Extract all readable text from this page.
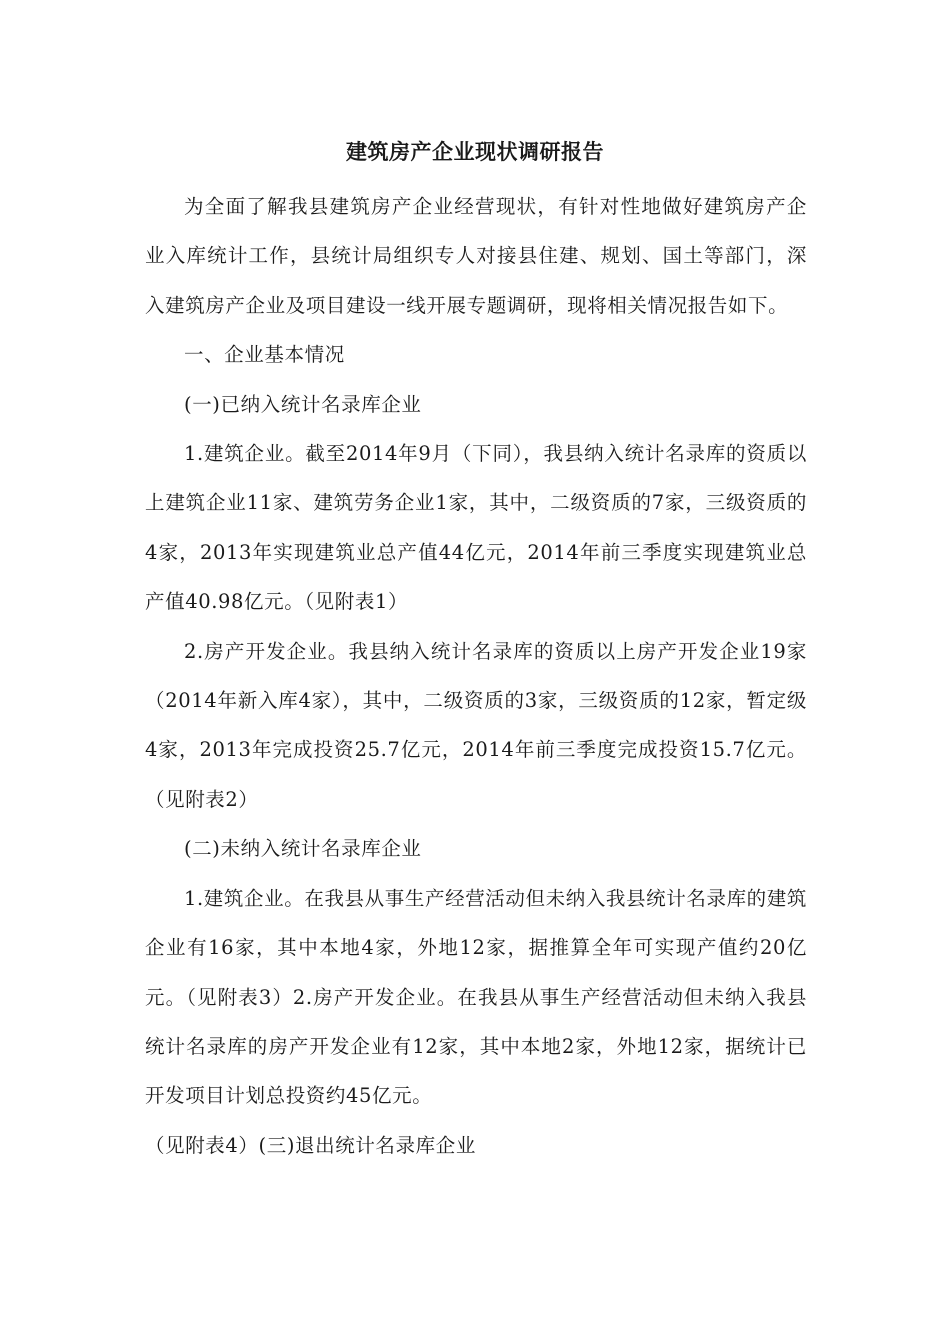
建筑房产企业现状调研报告

为全面了解我县建筑房产企业经营现状，有针对性地做好建筑房产企业入库统计工作，县统计局组织专人对接县住建、规划、国土等部门，深入建筑房产企业及项目建设一线开展专题调研，现将相关情况报告如下。

一、企业基本情况

(一)已纳入统计名录库企业

1.建筑企业。截至2014年9月（下同），我县纳入统计名录库的资质以上建筑企业11家、建筑劳务企业1家，其中，二级资质的7家，三级资质的4家，2013年实现建筑业总产值44亿元，2014年前三季度实现建筑业总产值40.98亿元。（见附表1）

2.房产开发企业。我县纳入统计名录库的资质以上房产开发企业19家（2014年新入库4家），其中，二级资质的3家，三级资质的12家，暂定级4家，2013年完成投资25.7亿元，2014年前三季度完成投资15.7亿元。（见附表2）

(二)未纳入统计名录库企业

1.建筑企业。在我县从事生产经营活动但未纳入我县统计名录库的建筑企业有16家，其中本地4家，外地12家，据推算全年可实现产值约20亿元。（见附表3）2.房产开发企业。在我县从事生产经营活动但未纳入我县统计名录库的房产开发企业有12家，其中本地2家，外地12家，据统计已开发项目计划总投资约45亿元。

（见附表4）(三)退出统计名录库企业
